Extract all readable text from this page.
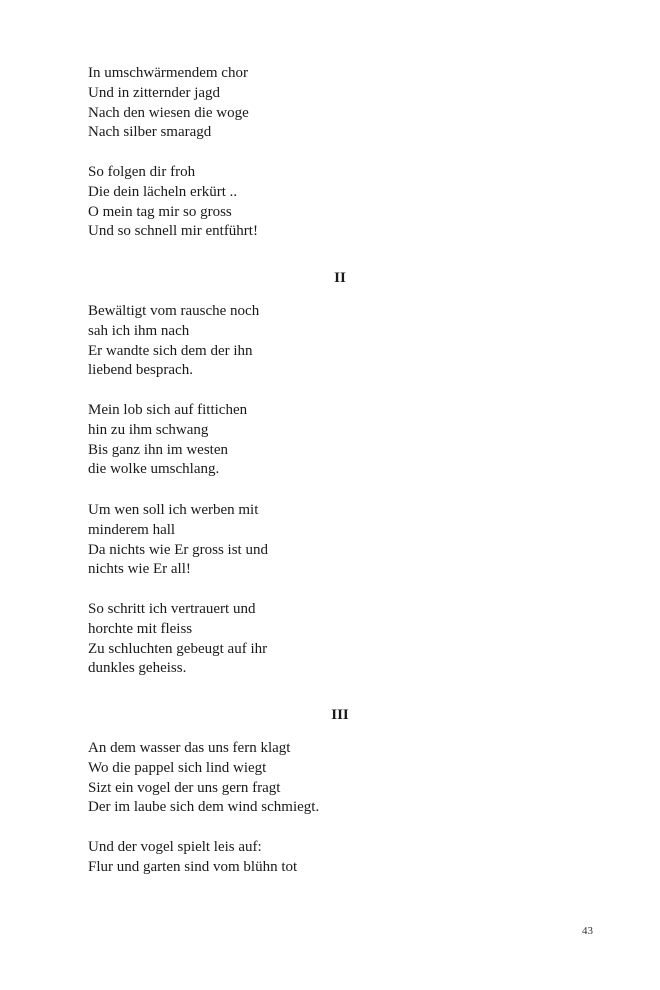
In umschwärmendem chor
Und in zitternder jagd
Nach den wiesen die woge
Nach silber smaragd
So folgen dir froh
Die dein lächeln erkürt ..
O mein tag mir so gross
Und so schnell mir entführt!
II
Bewältigt vom rausche noch
sah ich ihm nach
Er wandte sich dem der ihn
liebend besprach.
Mein lob sich auf fittichen
hin zu ihm schwang
Bis ganz ihn im westen
die wolke umschlang.
Um wen soll ich werben mit
minderem hall
Da nichts wie Er gross ist und
nichts wie Er all!
So schritt ich vertrauert und
horchte mit fleiss
Zu schluchten gebeugt auf ihr
dunkles geheiss.
III
An dem wasser das uns fern klagt
Wo die pappel sich lind wiegt
Sizt ein vogel der uns gern fragt
Der im laube sich dem wind schmiegt.
Und der vogel spielt leis auf:
Flur und garten sind vom blühn tot
43
